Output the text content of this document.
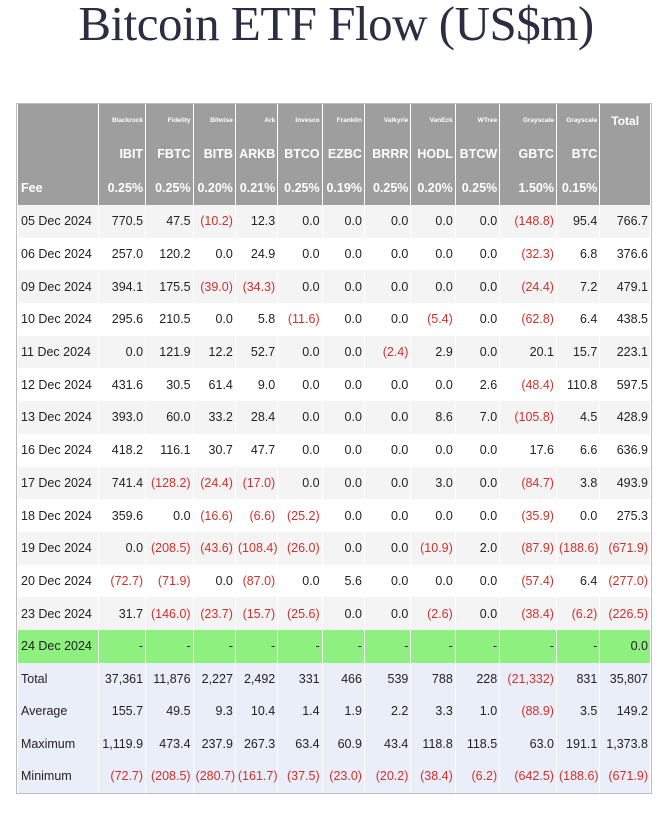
Bitcoin ETF Flow (US$m)
	Blackrock	Fidelity	Bitwise	Ark	Invesco	Franklin	Valkyrie	VanEck	WTree	Grayscale	Grayscale	Total
	IBIT	FBTC	BITB	ARKB	BTCO	EZBC	BRRR	HODL	BTCW	GBTC	BTC	
Fee	0.25%	0.25%	0.20%	0.21%	0.25%	0.19%	0.25%	0.20%	0.25%	1.50%	0.15%	
05 Dec 2024	770.5	47.5	(10.2)	12.3	0.0	0.0	0.0	0.0	0.0	(148.8)	95.4	766.7
06 Dec 2024	257.0	120.2	0.0	24.9	0.0	0.0	0.0	0.0	0.0	(32.3)	6.8	376.6
09 Dec 2024	394.1	175.5	(39.0)	(34.3)	0.0	0.0	0.0	0.0	0.0	(24.4)	7.2	479.1
10 Dec 2024	295.6	210.5	0.0	5.8	(11.6)	0.0	0.0	(5.4)	0.0	(62.8)	6.4	438.5
11 Dec 2024	0.0	121.9	12.2	52.7	0.0	0.0	(2.4)	2.9	0.0	20.1	15.7	223.1
12 Dec 2024	431.6	30.5	61.4	9.0	0.0	0.0	0.0	0.0	2.6	(48.4)	110.8	597.5
13 Dec 2024	393.0	60.0	33.2	28.4	0.0	0.0	0.0	8.6	7.0	(105.8)	4.5	428.9
16 Dec 2024	418.2	116.1	30.7	47.7	0.0	0.0	0.0	0.0	0.0	17.6	6.6	636.9
17 Dec 2024	741.4	(128.2)	(24.4)	(17.0)	0.0	0.0	0.0	3.0	0.0	(84.7)	3.8	493.9
18 Dec 2024	359.6	0.0	(16.6)	(6.6)	(25.2)	0.0	0.0	0.0	0.0	(35.9)	0.0	275.3
19 Dec 2024	0.0	(208.5)	(43.6)	(108.4)	(26.0)	0.0	0.0	(10.9)	2.0	(87.9)	(188.6)	(671.9)
20 Dec 2024	(72.7)	(71.9)	0.0	(87.0)	0.0	5.6	0.0	0.0	0.0	(57.4)	6.4	(277.0)
23 Dec 2024	31.7	(146.0)	(23.7)	(15.7)	(25.6)	0.0	0.0	(2.6)	0.0	(38.4)	(6.2)	(226.5)
24 Dec 2024	-	-	-	-	-	-	-	-	-	-	-	0.0
Total	37,361	11,876	2,227	2,492	331	466	539	788	228	(21,332)	831	35,807
Average	155.7	49.5	9.3	10.4	1.4	1.9	2.2	3.3	1.0	(88.9)	3.5	149.2
Maximum	1,119.9	473.4	237.9	267.3	63.4	60.9	43.4	118.8	118.5	63.0	191.1	1,373.8
Minimum	(72.7)	(208.5)	(280.7)	(161.7)	(37.5)	(23.0)	(20.2)	(38.4)	(6.2)	(642.5)	(188.6)	(671.9)
